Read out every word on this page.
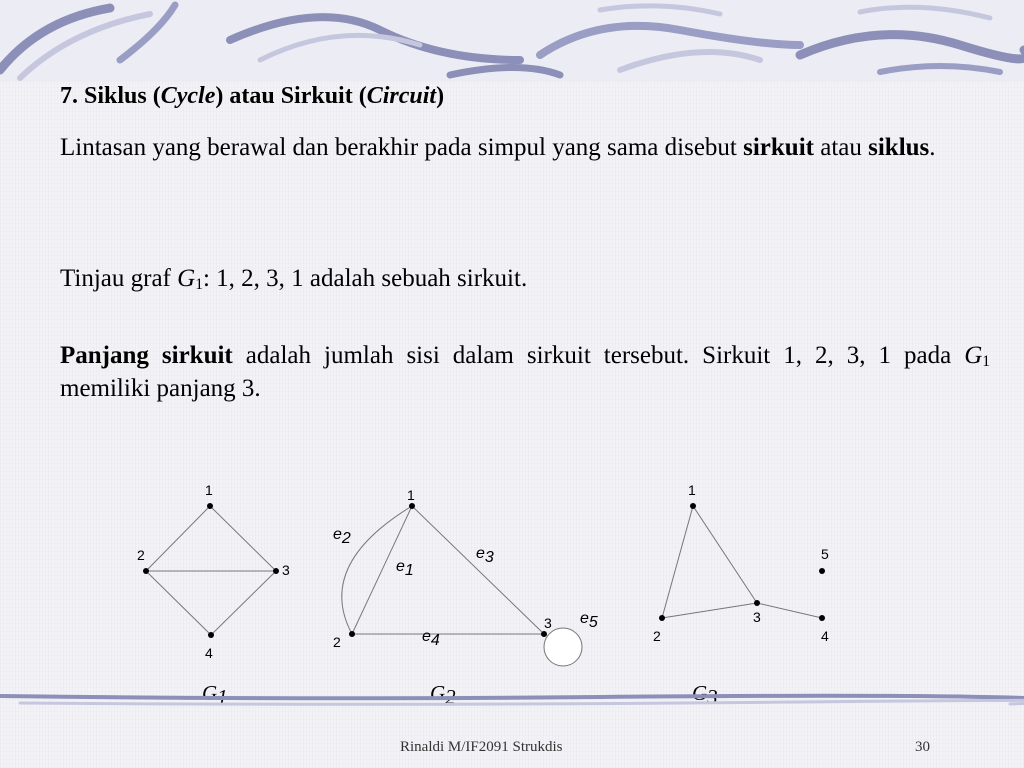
7. Siklus (Cycle) atau Sirkuit (Circuit)
Lintasan yang berawal dan berakhir pada simpul yang sama disebut sirkuit atau siklus.
Tinjau graf $G_1$: 1, 2, 3, 1 adalah sebuah sirkuit.
Panjang sirkuit adalah jumlah sisi dalam sirkuit tersebut. Sirkuit 1, 2, 3, 1 pada $G_1$ memiliki panjang 3.
1
2
3
4
G1
1
2
3
e1
e2
e3
e4
e5
G2
1
2
3
4
5
G3
Rinaldi M/IF2091 Strukdis	30
